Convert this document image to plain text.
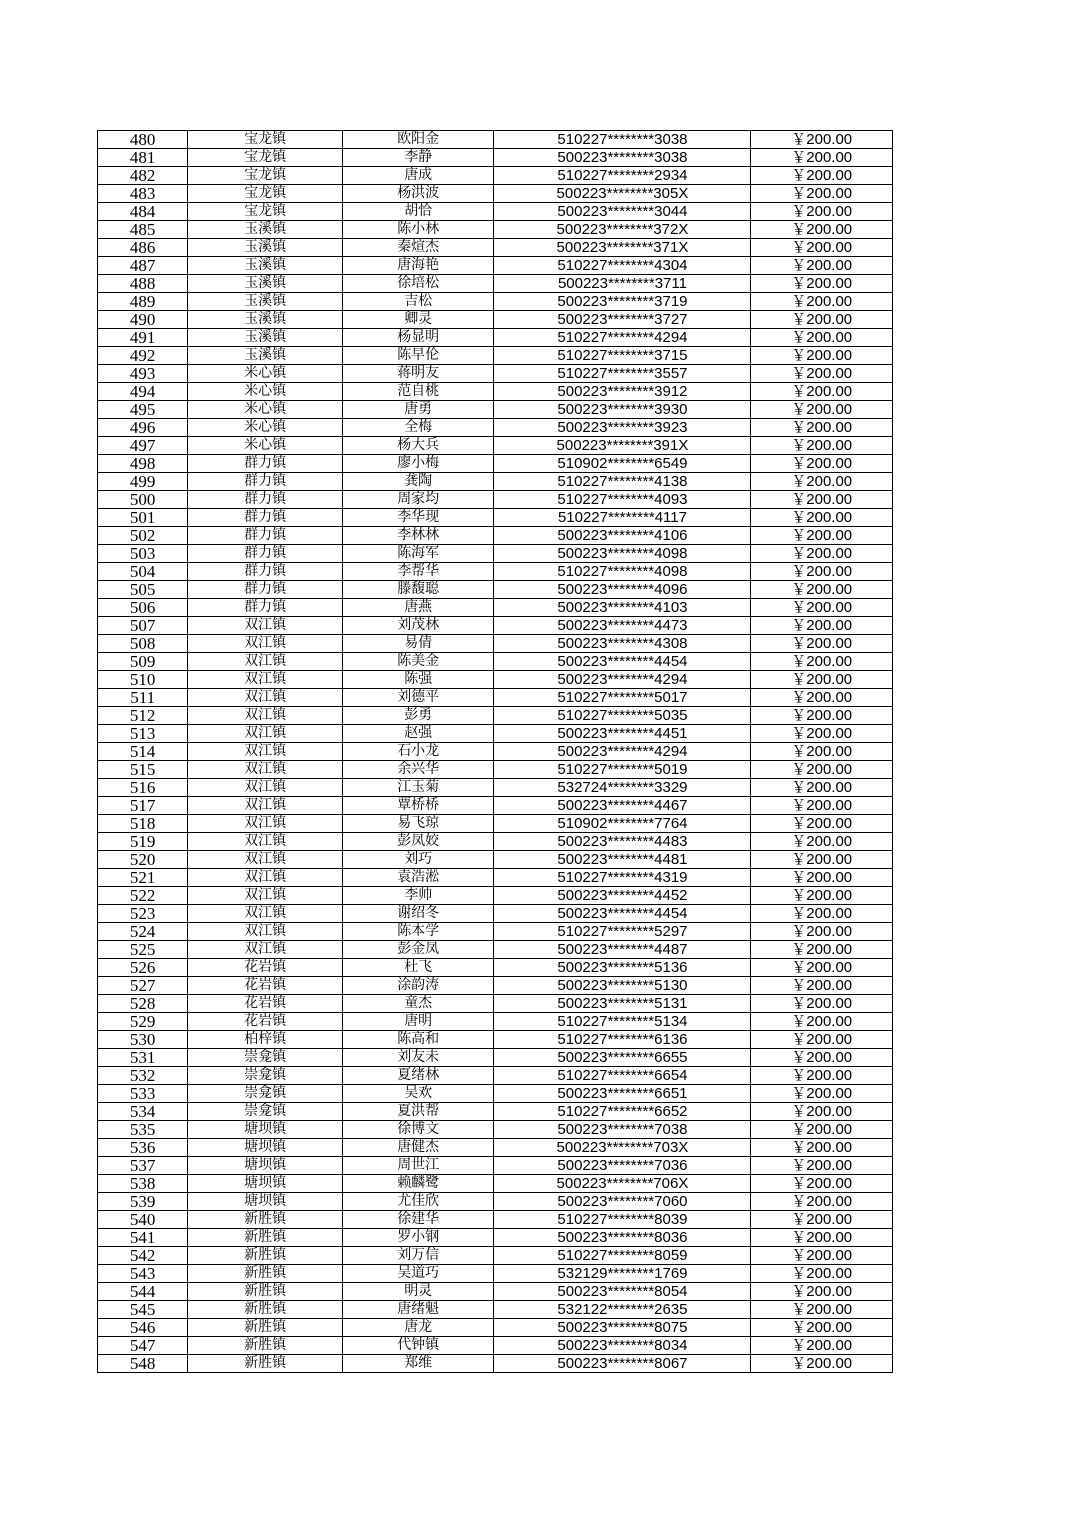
480	宝龙镇	欧阳金	510227********3038	￥200.00
481	宝龙镇	李静	500223********3038	￥200.00
482	宝龙镇	唐成	510227********2934	￥200.00
483	宝龙镇	杨洪波	500223********305X	￥200.00
484	宝龙镇	胡恰	500223********3044	￥200.00
485	玉溪镇	陈小林	500223********372X	￥200.00
486	玉溪镇	秦煊杰	500223********371X	￥200.00
487	玉溪镇	唐海艳	510227********4304	￥200.00
488	玉溪镇	徐培松	500223********3711	￥200.00
489	玉溪镇	吉松	500223********3719	￥200.00
490	玉溪镇	卿灵	500223********3727	￥200.00
491	玉溪镇	杨显明	510227********4294	￥200.00
492	玉溪镇	陈早伦	510227********3715	￥200.00
493	米心镇	蒋明友	510227********3557	￥200.00
494	米心镇	范自桃	500223********3912	￥200.00
495	米心镇	唐勇	500223********3930	￥200.00
496	米心镇	全梅	500223********3923	￥200.00
497	米心镇	杨大兵	500223********391X	￥200.00
498	群力镇	廖小梅	510902********6549	￥200.00
499	群力镇	龚陶	510227********4138	￥200.00
500	群力镇	周家均	510227********4093	￥200.00
501	群力镇	李华现	510227********4117	￥200.00
502	群力镇	李林林	500223********4106	￥200.00
503	群力镇	陈海军	500223********4098	￥200.00
504	群力镇	李帮华	510227********4098	￥200.00
505	群力镇	滕馥聪	500223********4096	￥200.00
506	群力镇	唐燕	500223********4103	￥200.00
507	双江镇	刘茂林	500223********4473	￥200.00
508	双江镇	易倩	500223********4308	￥200.00
509	双江镇	陈美金	500223********4454	￥200.00
510	双江镇	陈强	500223********4294	￥200.00
511	双江镇	刘德平	510227********5017	￥200.00
512	双江镇	彭勇	510227********5035	￥200.00
513	双江镇	赵强	500223********4451	￥200.00
514	双江镇	石小龙	500223********4294	￥200.00
515	双江镇	余兴华	510227********5019	￥200.00
516	双江镇	江玉菊	532724********3329	￥200.00
517	双江镇	覃桥桥	500223********4467	￥200.00
518	双江镇	易飞琼	510902********7764	￥200.00
519	双江镇	彭凤姣	500223********4483	￥200.00
520	双江镇	刘巧	500223********4481	￥200.00
521	双江镇	袁浩淞	510227********4319	￥200.00
522	双江镇	李帅	500223********4452	￥200.00
523	双江镇	谢绍冬	500223********4454	￥200.00
524	双江镇	陈本学	510227********5297	￥200.00
525	双江镇	彭金凤	500223********4487	￥200.00
526	花岩镇	杜飞	500223********5136	￥200.00
527	花岩镇	涂韵涛	500223********5130	￥200.00
528	花岩镇	童杰	500223********5131	￥200.00
529	花岩镇	唐明	510227********5134	￥200.00
530	柏梓镇	陈高和	510227********6136	￥200.00
531	崇龛镇	刘友未	500223********6655	￥200.00
532	崇龛镇	夏绪林	510227********6654	￥200.00
533	崇龛镇	吴欢	500223********6651	￥200.00
534	崇龛镇	夏洪帮	510227********6652	￥200.00
535	塘坝镇	徐博文	500223********7038	￥200.00
536	塘坝镇	唐健杰	500223********703X	￥200.00
537	塘坝镇	周世江	500223********7036	￥200.00
538	塘坝镇	赖麟鹭	500223********706X	￥200.00
539	塘坝镇	尤佳欣	500223********7060	￥200.00
540	新胜镇	徐建华	510227********8039	￥200.00
541	新胜镇	罗小钢	500223********8036	￥200.00
542	新胜镇	刘万信	510227********8059	￥200.00
543	新胜镇	吴道巧	532129********1769	￥200.00
544	新胜镇	明灵	500223********8054	￥200.00
545	新胜镇	唐绪魁	532122********2635	￥200.00
546	新胜镇	唐龙	500223********8075	￥200.00
547	新胜镇	代钟镇	500223********8034	￥200.00
548	新胜镇	郑维	500223********8067	￥200.00
